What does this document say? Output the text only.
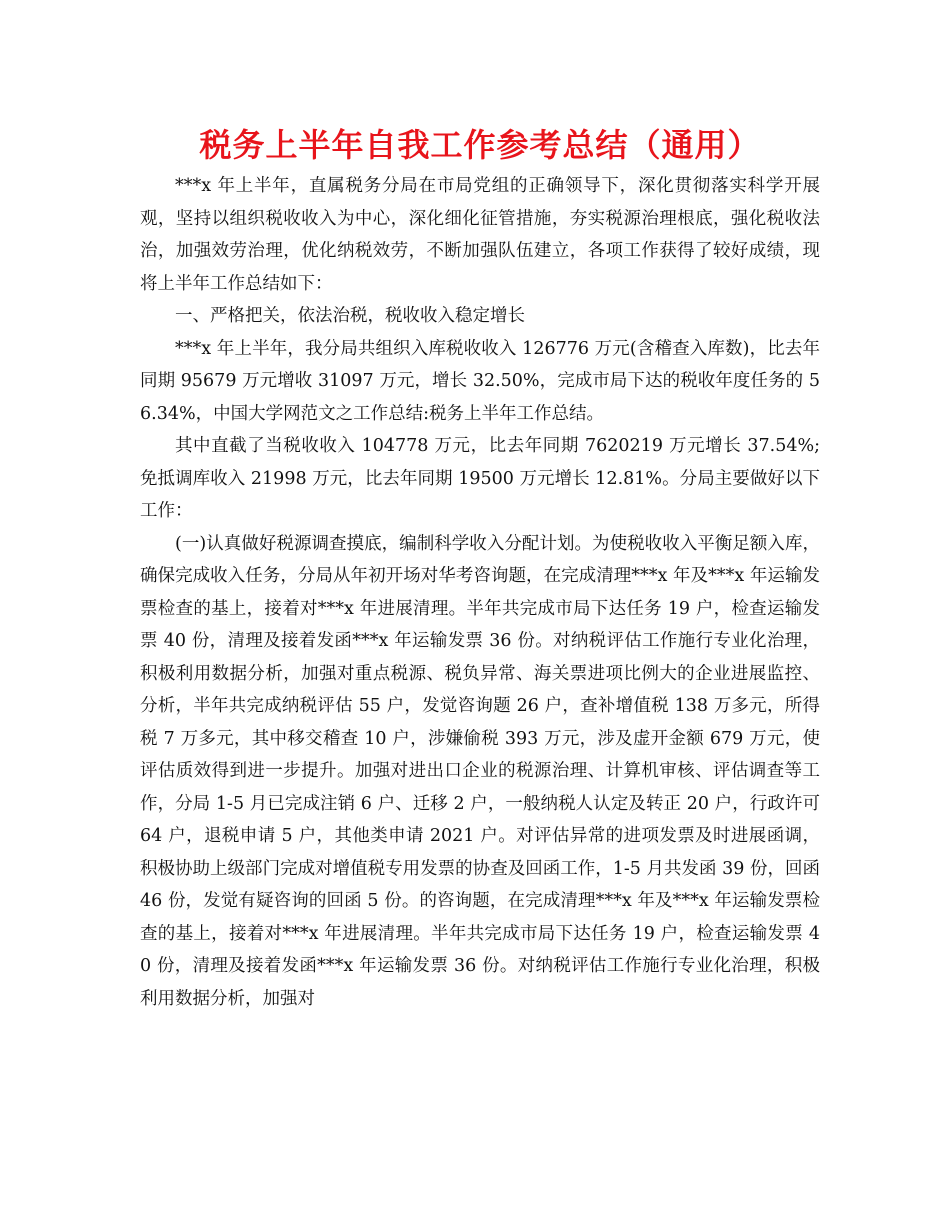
税务上半年自我工作参考总结（通用）

***x 年上半年，直属税务分局在市局党组的正确领导下，深化贯彻落实科学开展观，坚持以组织税收收入为中心，深化细化征管措施，夯实税源治理根底，强化税收法治，加强效劳治理，优化纳税效劳，不断加强队伍建立，各项工作获得了较好成绩，现将上半年工作总结如下：

一、严格把关，依法治税，税收收入稳定增长

***x 年上半年，我分局共组织入库税收收入 126776 万元(含稽查入库数)，比去年同期 95679 万元增收 31097 万元，增长 32.50%，完成市局下达的税收年度任务的 56.34%，中国大学网范文之工作总结:税务上半年工作总结。

其中直截了当税收收入 104778 万元，比去年同期 7620219 万元增长 37.54%;免抵调库收入 21998 万元，比去年同期 19500 万元增长 12.81%。分局主要做好以下工作：

(一)认真做好税源调查摸底，编制科学收入分配计划。为使税收收入平衡足额入库，确保完成收入任务，分局从年初开场对华考咨询题，在完成清理***x 年及***x 年运输发票检查的基上，接着对***x 年进展清理。半年共完成市局下达任务 19 户，检查运输发票 40 份，清理及接着发函***x 年运输发票 36 份。对纳税评估工作施行专业化治理，积极利用数据分析，加强对重点税源、税负异常、海关票进项比例大的企业进展监控、分析，半年共完成纳税评估 55 户，发觉咨询题 26 户，查补增值税 138 万多元，所得税 7 万多元，其中移交稽查 10 户，涉嫌偷税 393 万元，涉及虚开金额 679 万元，使评估质效得到进一步提升。加强对进出口企业的税源治理、计算机审核、评估调查等工作，分局 1-5 月已完成注销 6 户、迁移 2 户，一般纳税人认定及转正 20 户，行政许可 64 户，退税申请 5 户，其他类申请 2021 户。对评估异常的进项发票及时进展函调，积极协助上级部门完成对增值税专用发票的协查及回函工作，1-5 月共发函 39 份，回函 46 份，发觉有疑咨询的回函 5 份。的咨询题，在完成清理***x 年及***x 年运输发票检查的基上，接着对***x 年进展清理。半年共完成市局下达任务 19 户，检查运输发票 40 份，清理及接着发函***x 年运输发票 36 份。对纳税评估工作施行专业化治理，积极利用数据分析，加强对
